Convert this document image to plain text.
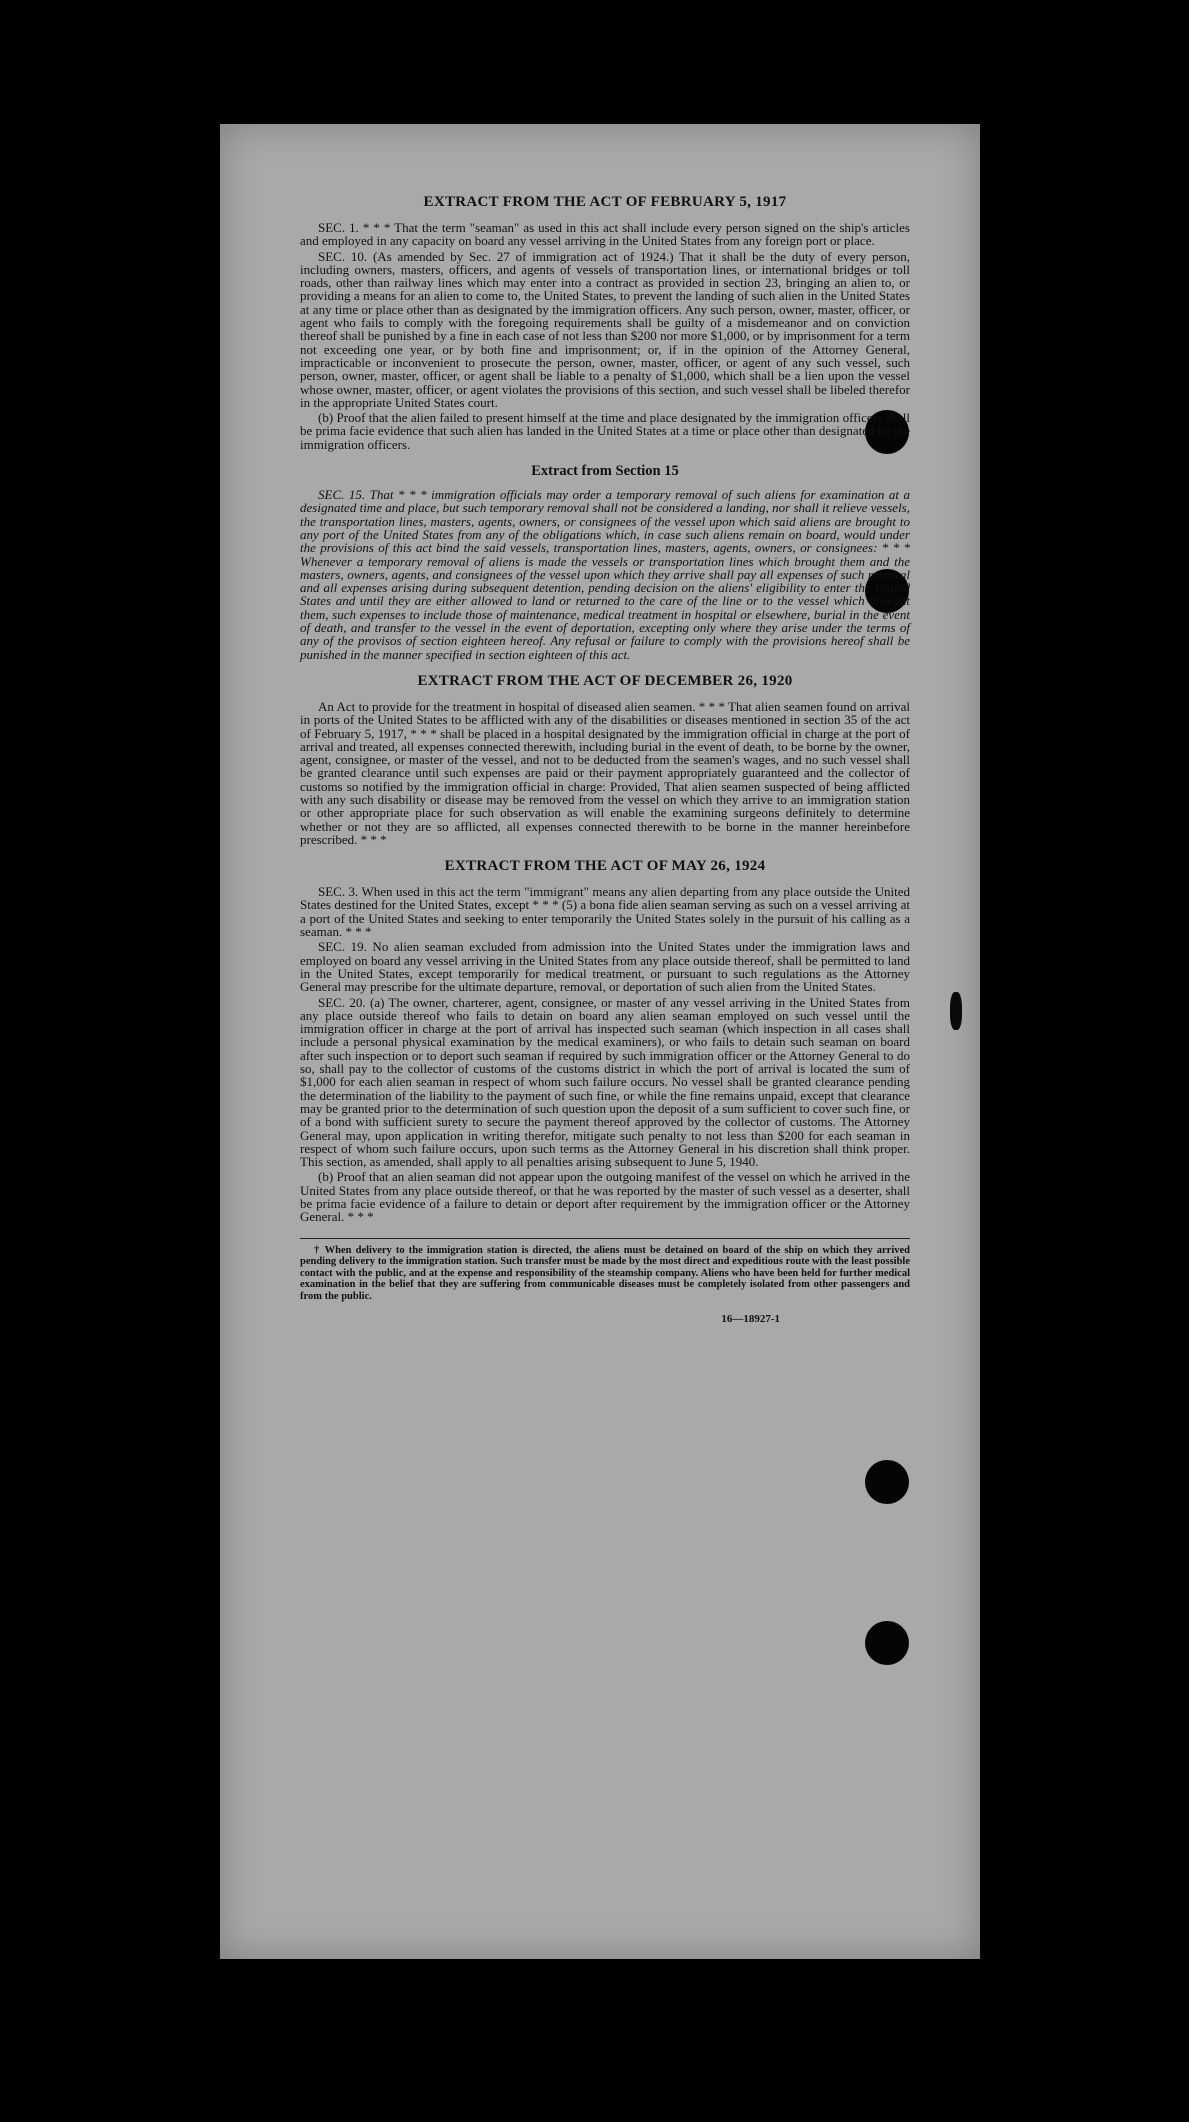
EXTRACT FROM THE ACT OF FEBRUARY 5, 1917

SEC. 1. * * * That the term "seaman" as used in this act shall include every person signed on the ship's articles and employed in any capacity on board any vessel arriving in the United States from any foreign port or place.

SEC. 10. (As amended by Sec. 27 of immigration act of 1924.) That it shall be the duty of every person, including owners, masters, officers, and agents of vessels of transportation lines, or international bridges or toll roads, other than railway lines which may enter into a contract as provided in section 23, bringing an alien to, or providing a means for an alien to come to, the United States, to prevent the landing of such alien in the United States at any time or place other than as designated by the immigration officers. Any such person, owner, master, officer, or agent who fails to comply with the foregoing requirements shall be guilty of a misdemeanor and on conviction thereof shall be punished by a fine in each case of not less than $200 nor more $1,000, or by imprisonment for a term not exceeding one year, or by both fine and imprisonment; or, if in the opinion of the Attorney General, impracticable or inconvenient to prosecute the person, owner, master, officer, or agent of any such vessel, such person, owner, master, officer, or agent shall be liable to a penalty of $1,000, which shall be a lien upon the vessel whose owner, master, officer, or agent violates the provisions of this section, and such vessel shall be libeled therefor in the appropriate United States court.

(b) Proof that the alien failed to present himself at the time and place designated by the immigration officers shall be prima facie evidence that such alien has landed in the United States at a time or place other than designated by the immigration officers.

Extract from Section 15

SEC. 15. That * * * immigration officials may order a temporary removal of such aliens for examination at a designated time and place, but such temporary removal shall not be considered a landing, nor shall it relieve vessels, the transportation lines, masters, agents, owners, or consignees of the vessel upon which said aliens are brought to any port of the United States from any of the obligations which, in case such aliens remain on board, would under the provisions of this act bind the said vessels, transportation lines, masters, agents, owners, or consignees: * * * Whenever a temporary removal of aliens is made the vessels or transportation lines which brought them and the masters, owners, agents, and consignees of the vessel upon which they arrive shall pay all expenses of such removal and all expenses arising during subsequent detention, pending decision on the aliens' eligibility to enter the United States and until they are either allowed to land or returned to the care of the line or to the vessel which brought them, such expenses to include those of maintenance, medical treatment in hospital or elsewhere, burial in the event of death, and transfer to the vessel in the event of deportation, excepting only where they arise under the terms of any of the provisos of section eighteen hereof. Any refusal or failure to comply with the provisions hereof shall be punished in the manner specified in section eighteen of this act.

EXTRACT FROM THE ACT OF DECEMBER 26, 1920

An Act to provide for the treatment in hospital of diseased alien seamen. * * * That alien seamen found on arrival in ports of the United States to be afflicted with any of the disabilities or diseases mentioned in section 35 of the act of February 5, 1917, * * * shall be placed in a hospital designated by the immigration official in charge at the port of arrival and treated, all expenses connected therewith, including burial in the event of death, to be borne by the owner, agent, consignee, or master of the vessel, and not to be deducted from the seamen's wages, and no such vessel shall be granted clearance until such expenses are paid or their payment appropriately guaranteed and the collector of customs so notified by the immigration official in charge: Provided, That alien seamen suspected of being afflicted with any such disability or disease may be removed from the vessel on which they arrive to an immigration station or other appropriate place for such observation as will enable the examining surgeons definitely to determine whether or not they are so afflicted, all expenses connected therewith to be borne in the manner hereinbefore prescribed. * * *

EXTRACT FROM THE ACT OF MAY 26, 1924

SEC. 3. When used in this act the term "immigrant" means any alien departing from any place outside the United States destined for the United States, except * * * (5) a bona fide alien seaman serving as such on a vessel arriving at a port of the United States and seeking to enter temporarily the United States solely in the pursuit of his calling as a seaman. * * *

SEC. 19. No alien seaman excluded from admission into the United States under the immigration laws and employed on board any vessel arriving in the United States from any place outside thereof, shall be permitted to land in the United States, except temporarily for medical treatment, or pursuant to such regulations as the Attorney General may prescribe for the ultimate departure, removal, or deportation of such alien from the United States.

SEC. 20. (a) The owner, charterer, agent, consignee, or master of any vessel arriving in the United States from any place outside thereof who fails to detain on board any alien seaman employed on such vessel until the immigration officer in charge at the port of arrival has inspected such seaman (which inspection in all cases shall include a personal physical examination by the medical examiners), or who fails to detain such seaman on board after such inspection or to deport such seaman if required by such immigration officer or the Attorney General to do so, shall pay to the collector of customs of the customs district in which the port of arrival is located the sum of $1,000 for each alien seaman in respect of whom such failure occurs. No vessel shall be granted clearance pending the determination of the liability to the payment of such fine, or while the fine remains unpaid, except that clearance may be granted prior to the determination of such question upon the deposit of a sum sufficient to cover such fine, or of a bond with sufficient surety to secure the payment thereof approved by the collector of customs. The Attorney General may, upon application in writing therefor, mitigate such penalty to not less than $200 for each seaman in respect of whom such failure occurs, upon such terms as the Attorney General in his discretion shall think proper. This section, as amended, shall apply to all penalties arising subsequent to June 5, 1940.

(b) Proof that an alien seaman did not appear upon the outgoing manifest of the vessel on which he arrived in the United States from any place outside thereof, or that he was reported by the master of such vessel as a deserter, shall be prima facie evidence of a failure to detain or deport after requirement by the immigration officer or the Attorney General. * * *

† When delivery to the immigration station is directed, the aliens must be detained on board of the ship on which they arrived pending delivery to the immigration station. Such transfer must be made by the most direct and expeditious route with the least possible contact with the public, and at the expense and responsibility of the steamship company. Aliens who have been held for further medical examination in the belief that they are suffering from communicable diseases must be completely isolated from other passengers and from the public.

16—18927-1
